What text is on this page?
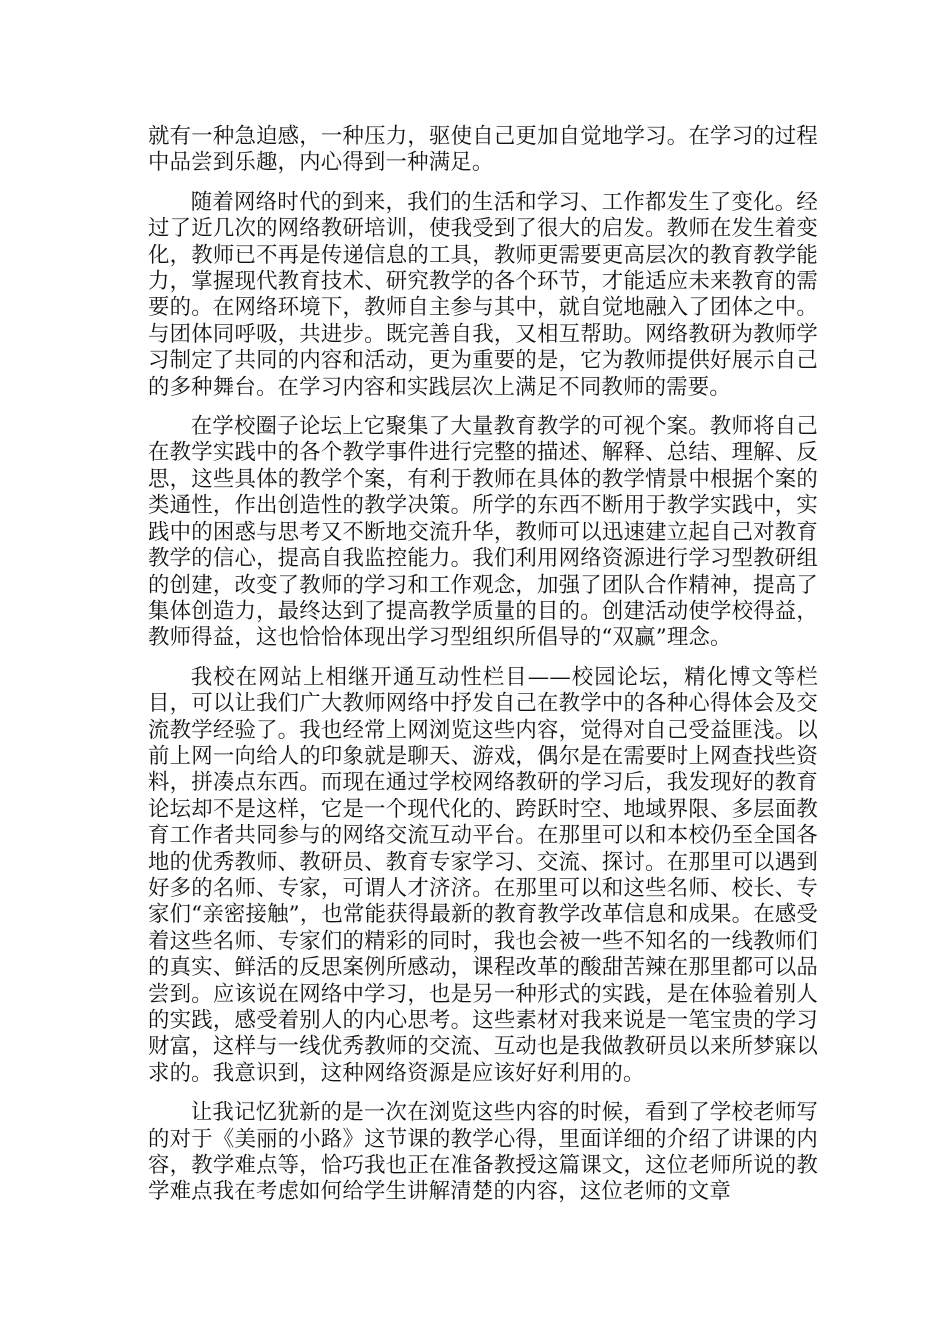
就有一种急迫感，一种压力，驱使自己更加自觉地学习。在学习的过程中品尝到乐趣，内心得到一种满足。

随着网络时代的到来，我们的生活和学习、工作都发生了变化。经过了近几次的网络教研培训，使我受到了很大的启发。教师在发生着变化，教师已不再是传递信息的工具，教师更需要更高层次的教育教学能力，掌握现代教育技术、研究教学的各个环节，才能适应未来教育的需要的。在网络环境下，教师自主参与其中，就自觉地融入了团体之中。与团体同呼吸，共进步。既完善自我，又相互帮助。网络教研为教师学习制定了共同的内容和活动，更为重要的是，它为教师提供好展示自己的多种舞台。在学习内容和实践层次上满足不同教师的需要。

在学校圈子论坛上它聚集了大量教育教学的可视个案。教师将自己在教学实践中的各个教学事件进行完整的描述、解释、总结、理解、反思，这些具体的教学个案，有利于教师在具体的教学情景中根据个案的类通性，作出创造性的教学决策。所学的东西不断用于教学实践中，实践中的困惑与思考又不断地交流升华，教师可以迅速建立起自己对教育教学的信心，提高自我监控能力。我们利用网络资源进行学习型教研组的创建，改变了教师的学习和工作观念，加强了团队合作精神，提高了集体创造力，最终达到了提高教学质量的目的。创建活动使学校得益，教师得益，这也恰恰体现出学习型组织所倡导的“双赢”理念。

我校在网站上相继开通互动性栏目——校园论坛，精化博文等栏目，可以让我们广大教师网络中抒发自己在教学中的各种心得体会及交流教学经验了。我也经常上网浏览这些内容，觉得对自己受益匪浅。以前上网一向给人的印象就是聊天、游戏，偶尔是在需要时上网查找些资料，拼凑点东西。而现在通过学校网络教研的学习后，我发现好的教育论坛却不是这样，它是一个现代化的、跨跃时空、地域界限、多层面教育工作者共同参与的网络交流互动平台。在那里可以和本校仍至全国各地的优秀教师、教研员、教育专家学习、交流、探讨。在那里可以遇到好多的名师、专家，可谓人才济济。在那里可以和这些名师、校长、专家们“亲密接触”，也常能获得最新的教育教学改革信息和成果。在感受着这些名师、专家们的精彩的同时，我也会被一些不知名的一线教师们的真实、鲜活的反思案例所感动，课程改革的酸甜苦辣在那里都可以品尝到。应该说在网络中学习，也是另一种形式的实践，是在体验着别人的实践，感受着别人的内心思考。这些素材对我来说是一笔宝贵的学习财富，这样与一线优秀教师的交流、互动也是我做教研员以来所梦寐以求的。我意识到，这种网络资源是应该好好利用的。

让我记忆犹新的是一次在浏览这些内容的时候，看到了学校老师写的对于《美丽的小路》这节课的教学心得，里面详细的介绍了讲课的内容，教学难点等，恰巧我也正在准备教授这篇课文，这位老师所说的教学难点我在考虑如何给学生讲解清楚的内容，这位老师的文章
